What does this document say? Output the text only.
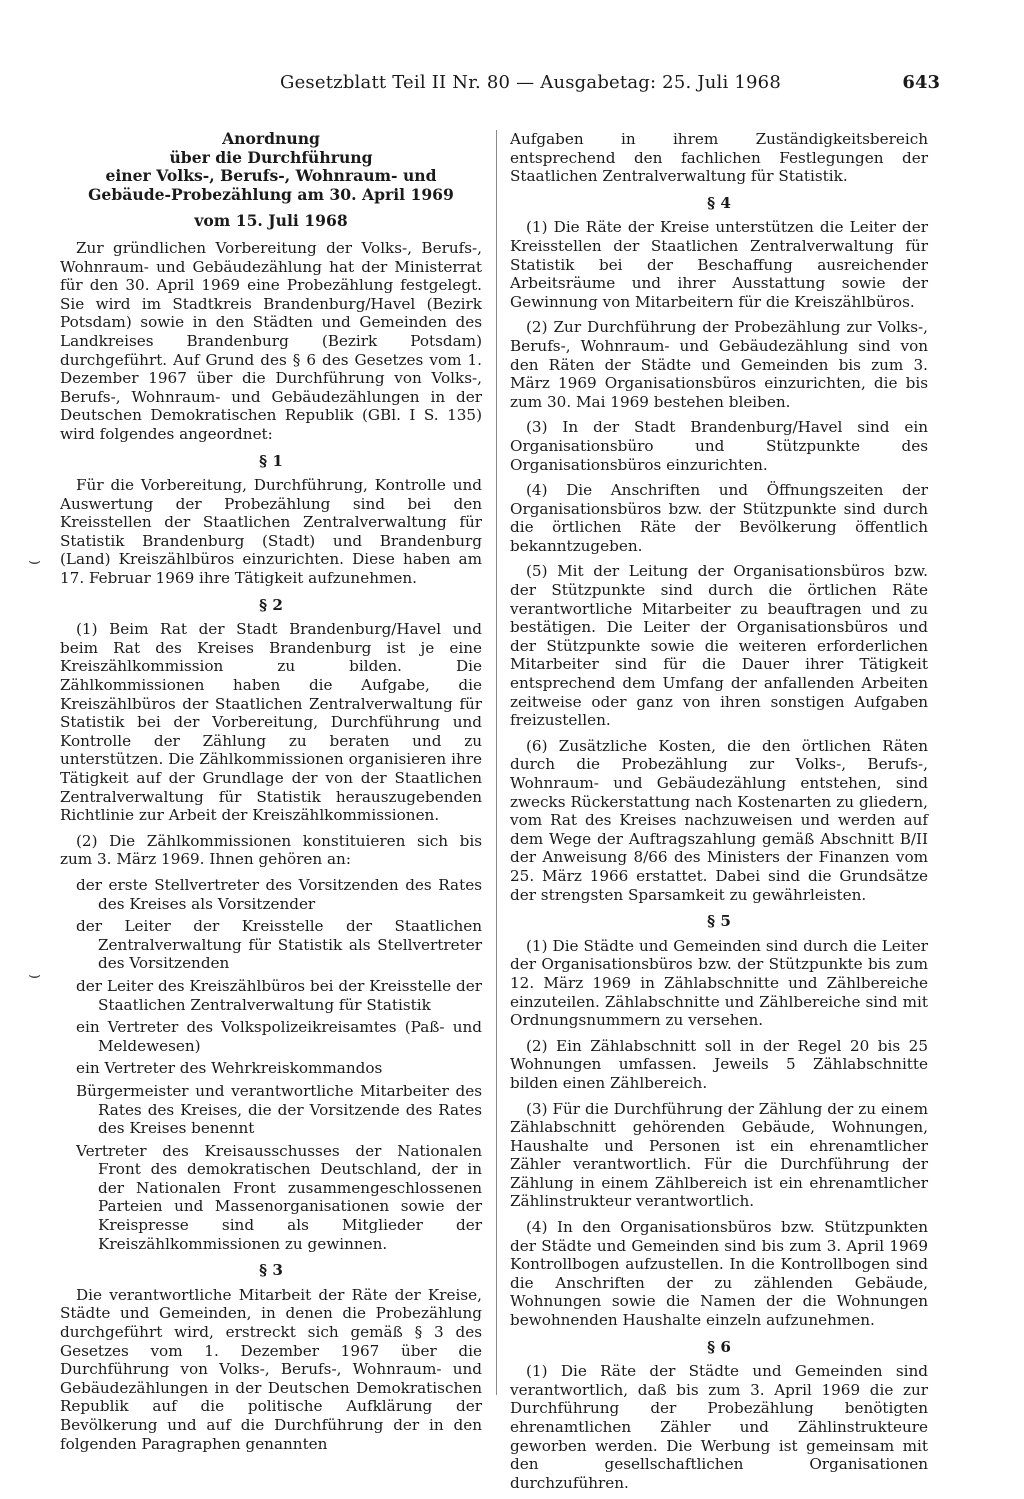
Gesetzblatt Teil II Nr. 80 — Ausgabetag: 25. Juli 1968	643
Anordnung
über die Durchführung
einer Volks-, Berufs-, Wohnraum- und
Gebäude-Probezählung am 30. April 1969
vom 15. Juli 1968

Zur gründlichen Vorbereitung der Volks-, Berufs-, Wohnraum- und Gebäudezählung hat der Ministerrat für den 30. April 1969 eine Probezählung festgelegt. Sie wird im Stadtkreis Brandenburg/Havel (Bezirk Potsdam) sowie in den Städten und Gemeinden des Landkreises Brandenburg (Bezirk Potsdam) durchgeführt. Auf Grund des § 6 des Gesetzes vom 1. Dezember 1967 über die Durchführung von Volks-, Berufs-, Wohnraum- und Gebäudezählungen in der Deutschen Demokratischen Republik (GBl. I S. 135) wird folgendes angeordnet:

§ 1

Für die Vorbereitung, Durchführung, Kontrolle und Auswertung der Probezählung sind bei den Kreisstellen der Staatlichen Zentralverwaltung für Statistik Brandenburg (Stadt) und Brandenburg (Land) Kreiszählbüros einzurichten. Diese haben am 17. Februar 1969 ihre Tätigkeit aufzunehmen.

§ 2

(1) Beim Rat der Stadt Brandenburg/Havel und beim Rat des Kreises Brandenburg ist je eine Kreiszählkommission zu bilden. Die Zählkommissionen haben die Aufgabe, die Kreiszählbüros der Staatlichen Zentralverwaltung für Statistik bei der Vorbereitung, Durchführung und Kontrolle der Zählung zu beraten und zu unterstützen. Die Zählkommissionen organisieren ihre Tätigkeit auf der Grundlage der von der Staatlichen Zentralverwaltung für Statistik herauszugebenden Richtlinie zur Arbeit der Kreiszählkommissionen.

(2) Die Zählkommissionen konstituieren sich bis zum 3. März 1969. Ihnen gehören an:

der erste Stellvertreter des Vorsitzenden des Rates des Kreises als Vorsitzender
der Leiter der Kreisstelle der Staatlichen Zentralverwaltung für Statistik als Stellvertreter des Vorsitzenden
der Leiter des Kreiszählbüros bei der Kreisstelle der Staatlichen Zentralverwaltung für Statistik
ein Vertreter des Volkspolizeikreisamtes (Paß- und Meldewesen)
ein Vertreter des Wehrkreiskommandos
Bürgermeister und verantwortliche Mitarbeiter des Rates des Kreises, die der Vorsitzende des Rates des Kreises benennt
Vertreter des Kreisausschusses der Nationalen Front des demokratischen Deutschland, der in der Nationalen Front zusammengeschlossenen Parteien und Massenorganisationen sowie der Kreispresse sind als Mitglieder der Kreiszählkommissionen zu gewinnen.
§ 3

Die verantwortliche Mitarbeit der Räte der Kreise, Städte und Gemeinden, in denen die Probezählung durchgeführt wird, erstreckt sich gemäß § 3 des Gesetzes vom 1. Dezember 1967 über die Durchführung von Volks-, Berufs-, Wohnraum- und Gebäudezählungen in der Deutschen Demokratischen Republik auf die politische Aufklärung der Bevölkerung und auf die Durchführung der in den folgenden Paragraphen genannten

Aufgaben in ihrem Zuständigkeitsbereich entsprechend den fachlichen Festlegungen der Staatlichen Zentralverwaltung für Statistik.

§ 4

(1) Die Räte der Kreise unterstützen die Leiter der Kreisstellen der Staatlichen Zentralverwaltung für Statistik bei der Beschaffung ausreichender Arbeitsräume und ihrer Ausstattung sowie der Gewinnung von Mitarbeitern für die Kreiszählbüros.

(2) Zur Durchführung der Probezählung zur Volks-, Berufs-, Wohnraum- und Gebäudezählung sind von den Räten der Städte und Gemeinden bis zum 3. März 1969 Organisationsbüros einzurichten, die bis zum 30. Mai 1969 bestehen bleiben.

(3) In der Stadt Brandenburg/Havel sind ein Organisationsbüro und Stützpunkte des Organisationsbüros einzurichten.

(4) Die Anschriften und Öffnungszeiten der Organisationsbüros bzw. der Stützpunkte sind durch die örtlichen Räte der Bevölkerung öffentlich bekanntzugeben.

(5) Mit der Leitung der Organisationsbüros bzw. der Stützpunkte sind durch die örtlichen Räte verantwortliche Mitarbeiter zu beauftragen und zu bestätigen. Die Leiter der Organisationsbüros und der Stützpunkte sowie die weiteren erforderlichen Mitarbeiter sind für die Dauer ihrer Tätigkeit entsprechend dem Umfang der anfallenden Arbeiten zeitweise oder ganz von ihren sonstigen Aufgaben freizustellen.

(6) Zusätzliche Kosten, die den örtlichen Räten durch die Probezählung zur Volks-, Berufs-, Wohnraum- und Gebäudezählung entstehen, sind zwecks Rückerstattung nach Kostenarten zu gliedern, vom Rat des Kreises nachzuweisen und werden auf dem Wege der Auftragszahlung gemäß Abschnitt B/II der Anweisung 8/66 des Ministers der Finanzen vom 25. März 1966 erstattet. Dabei sind die Grundsätze der strengsten Sparsamkeit zu gewährleisten.

§ 5

(1) Die Städte und Gemeinden sind durch die Leiter der Organisationsbüros bzw. der Stützpunkte bis zum 12. März 1969 in Zählabschnitte und Zählbereiche einzuteilen. Zählabschnitte und Zählbereiche sind mit Ordnungsnummern zu versehen.

(2) Ein Zählabschnitt soll in der Regel 20 bis 25 Wohnungen umfassen. Jeweils 5 Zählabschnitte bilden einen Zählbereich.

(3) Für die Durchführung der Zählung der zu einem Zählabschnitt gehörenden Gebäude, Wohnungen, Haushalte und Personen ist ein ehrenamtlicher Zähler verantwortlich. Für die Durchführung der Zählung in einem Zählbereich ist ein ehrenamtlicher Zählinstrukteur verantwortlich.

(4) In den Organisationsbüros bzw. Stützpunkten der Städte und Gemeinden sind bis zum 3. April 1969 Kontrollbogen aufzustellen. In die Kontrollbogen sind die Anschriften der zu zählenden Gebäude, Wohnungen sowie die Namen der die Wohnungen bewohnenden Haushalte einzeln aufzunehmen.

§ 6

(1) Die Räte der Städte und Gemeinden sind verantwortlich, daß bis zum 3. April 1969 die zur Durchführung der Probezählung benötigten ehrenamtlichen Zähler und Zählinstrukteure geworben werden. Die Werbung ist gemeinsam mit den gesellschaftlichen Organisationen durchzuführen.

⌣
⌣
